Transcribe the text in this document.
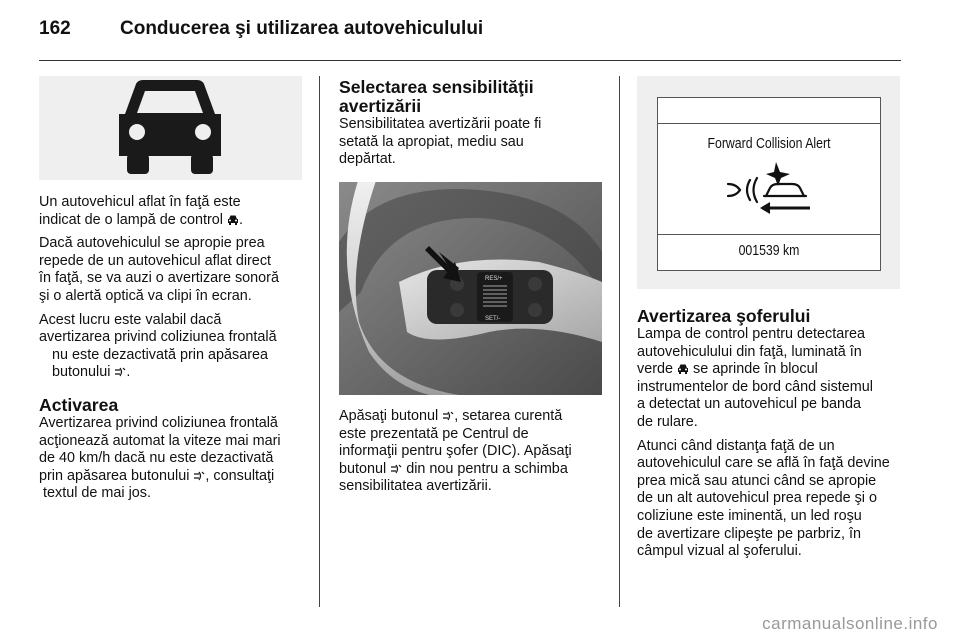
162	Conducerea şi utilizarea autovehiculului

Un autovehicul aflat în faţă este
indicat de o lampă de control .

Dacă autovehiculul se apropie prea
repede de un autovehicul aflat direct
în faţă, se va auzi o avertizare sonoră
şi o alertă optică va clipi în ecran.

Acest lucru este valabil dacă
avertizarea privind coliziunea frontală
nu este dezactivată prin apăsarea
butonului .

Activarea

Avertizarea privind coliziunea frontală
acţionează automat la viteze mai mari
de 40 km/h dacă nu este dezactivată
prin apăsarea butonului , consultaţi
textul de mai jos.

Selectarea sensibilităţii
avertizării

Sensibilitatea avertizării poate fi
setată la apropiat, mediu sau
depărtat.

RES/+
SET/-

Apăsaţi butonul , setarea curentă
este prezentată pe Centrul de
informaţii pentru şofer (DIC). Apăsaţi
butonul din nou pentru a schimba
sensibilitatea avertizării.

Forward Collision Alert
001539 km
Avertizarea şoferului

Lampa de control pentru detectarea
autovehiculului din faţă, luminată în
verde se aprinde în blocul
instrumentelor de bord când sistemul
a detectat un autovehicul pe banda
de rulare.

Atunci când distanţa faţă de un
autovehiculul care se află în faţă devine
prea mică sau atunci când se apropie
de un alt autovehicul prea repede şi o
coliziune este iminentă, un led roşu
de avertizare clipeşte pe parbriz, în
câmpul vizual al şoferului.

carmanualsonline.info
